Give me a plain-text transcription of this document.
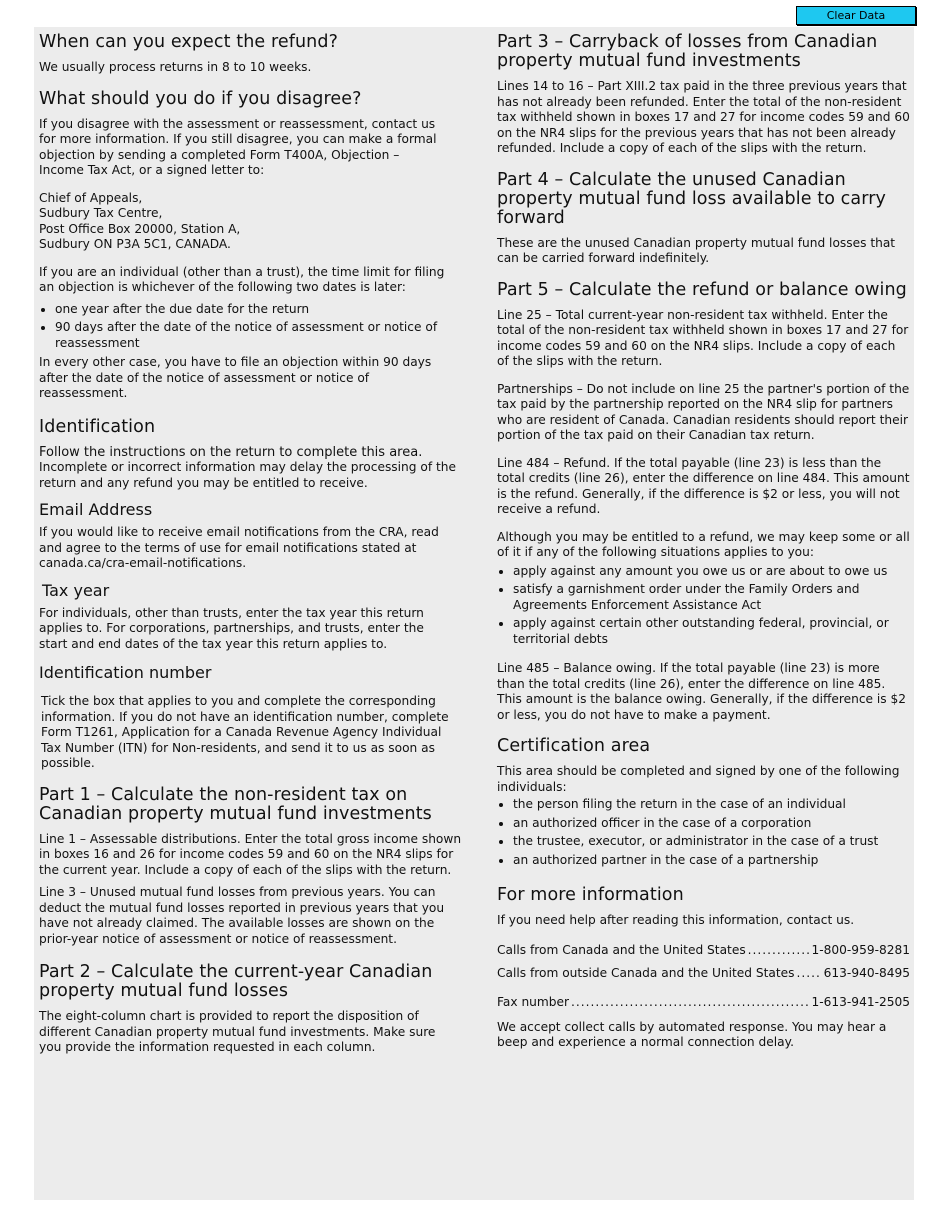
Clear Data
When can you expect the refund?

We usually process returns in 8 to 10 weeks.

What should you do if you disagree?

If you disagree with the assessment or reassessment, contact us for more information. If you still disagree, you can make a formal objection by sending a completed Form T400A, Objection – Income Tax Act, or a signed letter to:

Chief of Appeals,
Sudbury Tax Centre,
Post Office Box 20000, Station A,
Sudbury ON P3A 5C1, CANADA.

If you are an individual (other than a trust), the time limit for filing an objection is whichever of the following two dates is later:

• one year after the due date for the return
• 90 days after the date of the notice of assessment or notice of reassessment

In every other case, you have to file an objection within 90 days after the date of the notice of assessment or notice of reassessment.

Identification

Follow the instructions on the return to complete this area. Incomplete or incorrect information may delay the processing of the return and any refund you may be entitled to receive.

Email Address

If you would like to receive email notifications from the CRA, read and agree to the terms of use for email notifications stated at canada.ca/cra-email-notifications.

Tax year

For individuals, other than trusts, enter the tax year this return applies to. For corporations, partnerships, and trusts, enter the start and end dates of the tax year this return applies to.

Identification number

Tick the box that applies to you and complete the corresponding information. If you do not have an identification number, complete Form T1261, Application for a Canada Revenue Agency Individual Tax Number (ITN) for Non-residents, and send it to us as soon as possible.

Part 1 – Calculate the non-resident tax on Canadian property mutual fund investments

Line 1 – Assessable distributions. Enter the total gross income shown in boxes 16 and 26 for income codes 59 and 60 on the NR4 slips for the current year. Include a copy of each of the slips with the return.

Line 3 – Unused mutual fund losses from previous years. You can deduct the mutual fund losses reported in previous years that you have not already claimed. The available losses are shown on the prior-year notice of assessment or notice of reassessment.

Part 2 – Calculate the current-year Canadian property mutual fund losses

The eight-column chart is provided to report the disposition of different Canadian property mutual fund investments. Make sure you provide the information requested in each column.

Part 3 – Carryback of losses from Canadian property mutual fund investments

Lines 14 to 16 – Part XIII.2 tax paid in the three previous years that has not already been refunded. Enter the total of the non-resident tax withheld shown in boxes 17 and 27 for income codes 59 and 60 on the NR4 slips for the previous years that has not been already refunded. Include a copy of each of the slips with the return.

Part 4 – Calculate the unused Canadian property mutual fund loss available to carry forward

These are the unused Canadian property mutual fund losses that can be carried forward indefinitely.

Part 5 – Calculate the refund or balance owing

Line 25 – Total current-year non-resident tax withheld. Enter the total of the non-resident tax withheld shown in boxes 17 and 27 for income codes 59 and 60 on the NR4 slips. Include a copy of each of the slips with the return.

Partnerships – Do not include on line 25 the partner's portion of the tax paid by the partnership reported on the NR4 slip for partners who are resident of Canada. Canadian residents should report their portion of the tax paid on their Canadian tax return.

Line 484 – Refund. If the total payable (line 23) is less than the total credits (line 26), enter the difference on line 484. This amount is the refund. Generally, if the difference is $2 or less, you will not receive a refund.

Although you may be entitled to a refund, we may keep some or all of it if any of the following situations applies to you:

• apply against any amount you owe us or are about to owe us
• satisfy a garnishment order under the Family Orders and Agreements Enforcement Assistance Act
• apply against certain other outstanding federal, provincial, or territorial debts

Line 485 – Balance owing. If the total payable (line 23) is more than the total credits (line 26), enter the difference on line 485. This amount is the balance owing. Generally, if the difference is $2 or less, you do not have to make a payment.

Certification area

This area should be completed and signed by one of the following individuals:

• the person filing the return in the case of an individual
• an authorized officer in the case of a corporation
• the trustee, executor, or administrator in the case of a trust
• an authorized partner in the case of a partnership
For more information

If you need help after reading this information, contact us.

Calls from Canada and the United States .....	1-800-959-8281
Calls from outside Canada and the United States ..... 613-940-8495
Fax number .....	1-613-941-2505

We accept collect calls by automated response. You may hear a beep and experience a normal connection delay.
